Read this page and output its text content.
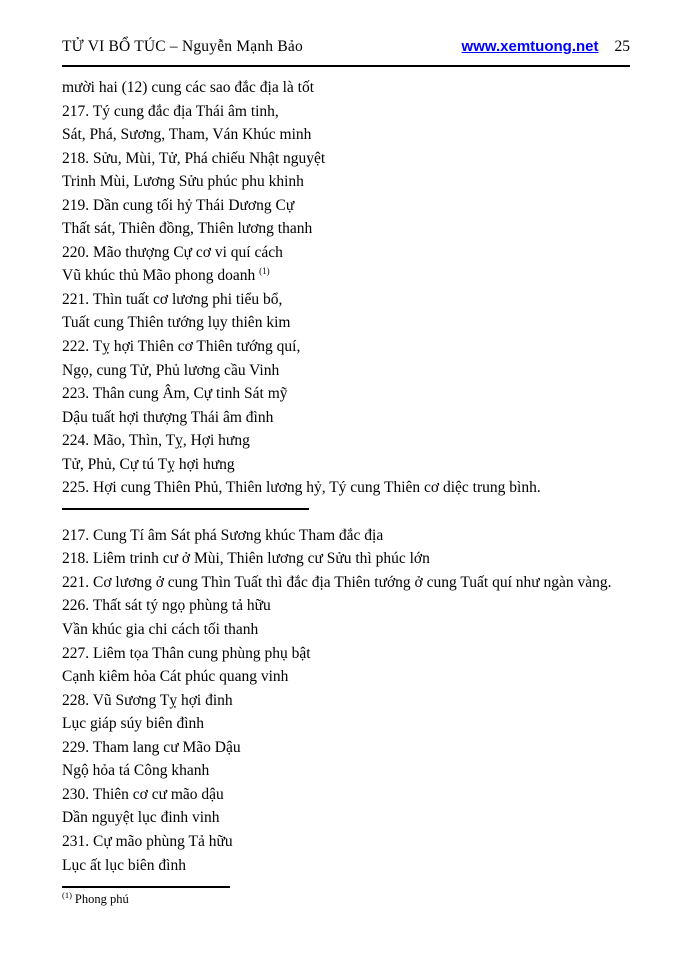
TỬ VI BỔ TÚC – Nguyễn Mạnh Bảo	www.xemtuong.net 25
mười hai (12) cung các sao đắc địa là tốt
217. Tý cung đắc địa Thái âm tinh,
Sát, Phá, Sương, Tham, Ván Khúc minh
218. Sửu, Mùi, Tử, Phá chiếu Nhật nguyệt
Trinh Mùi, Lương Sửu phúc phu khinh
219. Dần cung tối hỷ Thái Dương Cự
Thất sát, Thiên đồng, Thiên lương thanh
220. Mão thượng Cự cơ vi quí cách
Vũ khúc thủ Mão phong doanh $^{(1)}$
221. Thìn tuất cơ lương phi tiểu bổ,
Tuất cung Thiên tướng lụy thiên kim
222. Tỵ hợi Thiên cơ Thiên tướng quí,
Ngọ, cung Tử, Phủ lương cầu Vinh
223. Thân cung Âm, Cự tinh Sát mỹ
Dậu tuất hợi thượng Thái âm đình
224. Mão, Thìn, Tỵ, Hợi hưng
Tử, Phủ, Cự tú Tỵ hợi hưng
225. Hợi cung Thiên Phủ, Thiên lương hỷ, Tý cung Thiên cơ diệc trung bình.
217. Cung Tí âm Sát phá Sương khúc Tham đắc địa
218. Liêm trinh cư ở Mùi, Thiên lương cư Sửu thì phúc lớn
221. Cơ lương ở cung Thìn Tuất thì đắc địa Thiên tướng ở cung Tuất quí như ngàn vàng.
226. Thất sát tý ngọ phùng tả hữu
Vần khúc gia chi cách tối thanh
227. Liêm tọa Thân cung phùng phụ bật
Cạnh kiêm hỏa Cát phúc quang vinh
228. Vũ Sương Tỵ hợi đinh
Lục giáp súy biên đình
229. Tham lang cư Mão Dậu
Ngộ hỏa tá Công khanh
230. Thiên cơ cư mão dậu
Dần nguyệt lục đinh vinh
231. Cự mão phùng Tả hữu
Lục ất lục biên đình
$^{(1)}$ Phong phú
